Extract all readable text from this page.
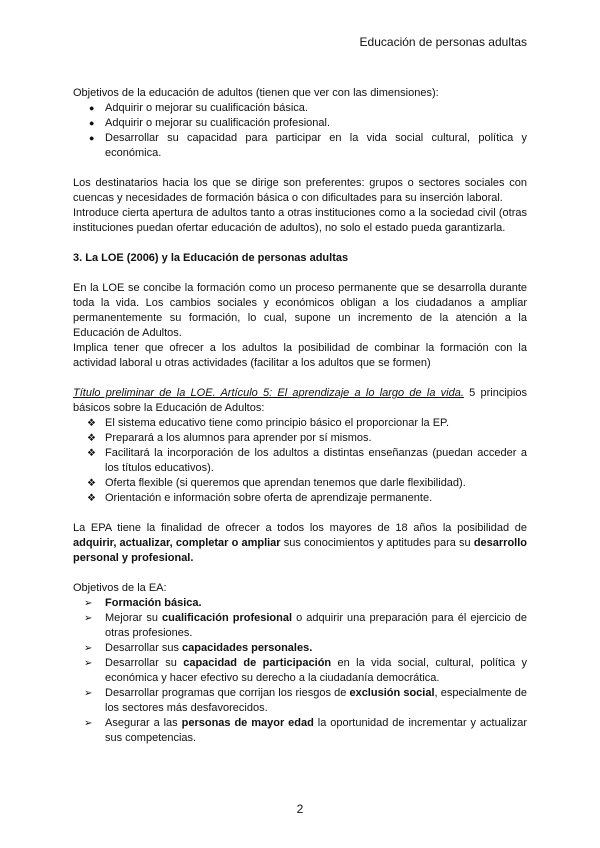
Educación de personas adultas

Objetivos de la educación de adultos (tienen que ver con las dimensiones):

● Adquirir o mejorar su cualificación básica.
● Adquirir o mejorar su cualificación profesional.
● Desarrollar su capacidad para participar en la vida social cultural, política y económica.

Los destinatarios hacia los que se dirige son preferentes: grupos o sectores sociales con cuencas y necesidades de formación básica o con dificultades para su inserción laboral.

Introduce cierta apertura de adultos tanto a otras instituciones como a la sociedad civil (otras instituciones puedan ofertar educación de adultos), no solo el estado pueda garantizarla.

3. La LOE (2006) y la Educación de personas adultas

En la LOE se concibe la formación como un proceso permanente que se desarrolla durante toda la vida. Los cambios sociales y económicos obligan a los ciudadanos a ampliar permanentemente su formación, lo cual, supone un incremento de la atención a la Educación de Adultos.

Implica tener que ofrecer a los adultos la posibilidad de combinar la formación con la actividad laboral u otras actividades (facilitar a los adultos que se formen)

Título preliminar de la LOE. Artículo 5: El aprendizaje a lo largo de la vida. 5 principios básicos sobre la Educación de Adultos:

❖ El sistema educativo tiene como principio básico el proporcionar la EP.
❖ Preparará a los alumnos para aprender por sí mismos.
❖ Facilitará la incorporación de los adultos a distintas enseñanzas (puedan acceder a los títulos educativos).
❖ Oferta flexible (si queremos que aprendan tenemos que darle flexibilidad).
❖ Orientación e información sobre oferta de aprendizaje permanente.

La EPA tiene la finalidad de ofrecer a todos los mayores de 18 años la posibilidad de adquirir, actualizar, completar o ampliar sus conocimientos y aptitudes para su desarrollo personal y profesional.

Objetivos de la EA:

➢ Formación básica.
➢ Mejorar su cualificación profesional o adquirir una preparación para él ejercicio de otras profesiones.
➢ Desarrollar sus capacidades personales.
➢ Desarrollar su capacidad de participación en la vida social, cultural, política y económica y hacer efectivo su derecho a la ciudadanía democrática.
➢ Desarrollar programas que corrijan los riesgos de exclusión social, especialmente de los sectores más desfavorecidos.
➢ Asegurar a las personas de mayor edad la oportunidad de incrementar y actualizar sus competencias.
2
